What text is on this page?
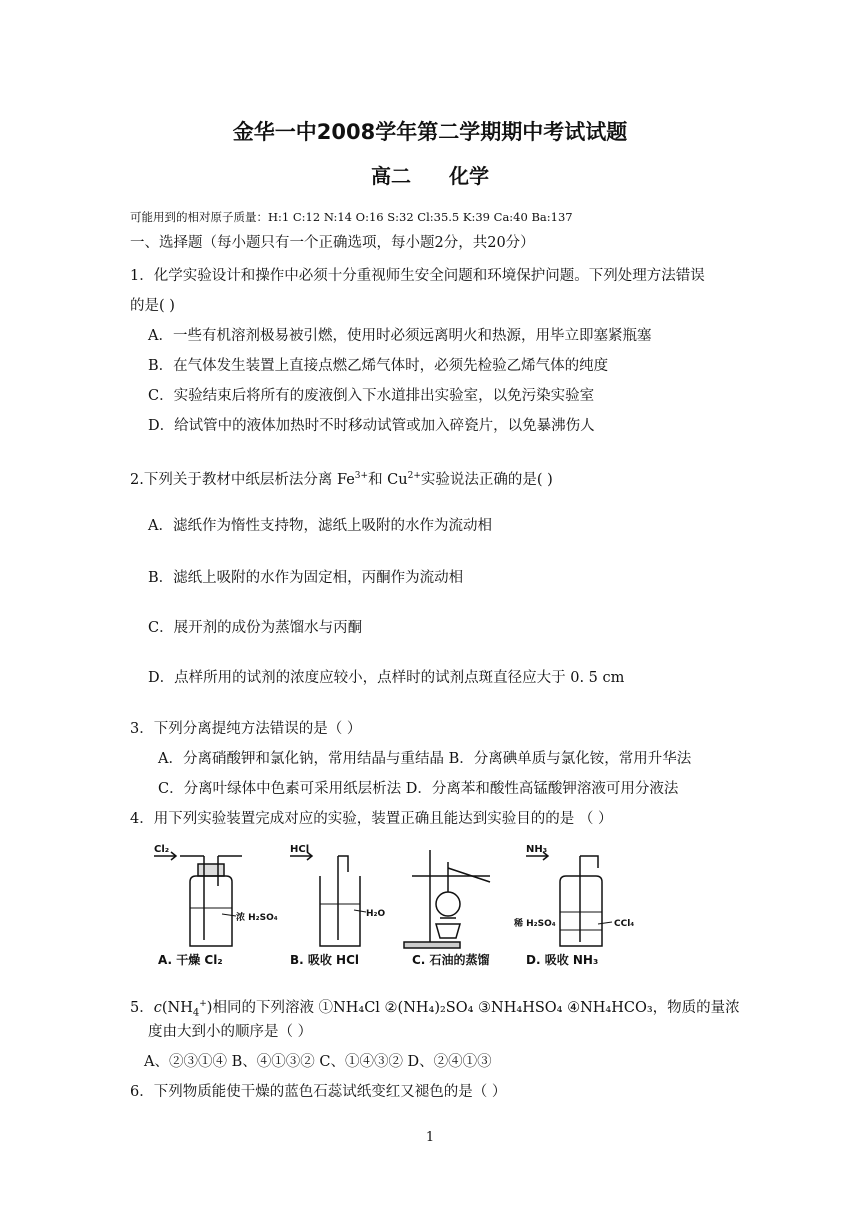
金华一中2008学年第二学期期中考试试题
高二 化学
可能用到的相对原子质量：H:1 C:12 N:14 O:16 S:32 Cl:35.5 K:39 Ca:40 Ba:137
一、选择题（每小题只有一个正确选项，每小题2分，共20分）
1．化学实验设计和操作中必须十分重视师生安全问题和环境保护问题。下列处理方法错误
的是( )
A．一些有机溶剂极易被引燃，使用时必须远离明火和热源，用毕立即塞紧瓶塞
B．在气体发生装置上直接点燃乙烯气体时，必须先检验乙烯气体的纯度
C．实验结束后将所有的废液倒入下水道排出实验室，以免污染实验室
D．给试管中的液体加热时不时移动试管或加入碎瓷片，以免暴沸伤人
2.下列关于教材中纸层析法分离 $Fe^{3+}$和 $Cu^{2+}$实验说法正确的是( )
A．滤纸作为惰性支持物，滤纸上吸附的水作为流动相
B．滤纸上吸附的水作为固定相，丙酮作为流动相
C．展开剂的成份为蒸馏水与丙酮
D．点样所用的试剂的浓度应较小，点样时的试剂点斑直径应大于 0. 5 cm
3．下列分离提纯方法错误的是（ ）
A．分离硝酸钾和氯化钠，常用结晶与重结晶 B．分离碘单质与氯化铵，常用升华法
C．分离叶绿体中色素可采用纸层析法 D．分离苯和酸性高锰酸钾溶液可用分液法
4．用下列实验装置完成对应的实验，装置正确且能达到实验目的的是 （ ）
Cl₂
浓 H₂SO₄
A. 干燥 Cl₂
HCl
H₂O
B. 吸收 HCl	C. 石油的蒸馏
NH₃
稀 H₂SO₄	CCl₄
D. 吸收 NH₃
5．$c(NH_4^+)$相同的下列溶液 ①NH₄Cl ②(NH₄)₂SO₄ ③NH₄HSO₄ ④NH₄HCO₃，物质的量浓
度由大到小的顺序是（ ）
A、②③①④ B、④①③② C、①④③② D、②④①③
6．下列物质能使干燥的蓝色石蕊试纸变红又褪色的是（ ）
1
